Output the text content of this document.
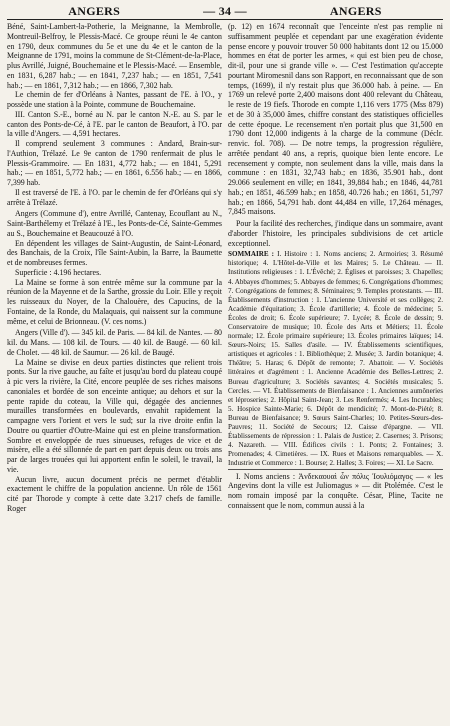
ANGERS	— 34 —	ANGERS

Béné, Saint-Lambert-la-Potherie, la Meignanne, la Membrolle, Montreuil-Belfroy, le Plessis-Macé. Ce groupe réuni le 4e canton en 1790, deux communes du 5e et une du 4e et le canton de la Meignanne de 1791, moins la commune de St-Clément-de-la-Place, plus Avrillé, Juigné, Bouchemaine et le Plessis-Macé. — Ensemble, en 1831, 6,287 hab.; — en 1841, 7,237 hab.; — en 1851, 7,541 hab.; — en 1861, 7,312 hab.; — en 1866, 7,302 hab.

Le chemin de fer d'Orléans à Nantes, passant de l'E. à l'O., y possède une station à la Pointe, commune de Bouchemaine.

III. Canton S.-E., borné au N. par le canton N.-E. au S. par le canton des Ponts-de-Cé, à l'E. par le canton de Beaufort, à l'O. par la ville d'Angers. — 4,591 hectares.

Il comprend seulement 3 communes : Andard, Brain-sur-l'Authion, Trélazé. Le 9e canton de 1790 renfermait de plus le Plessis-Grammoire. — En 1831, 4,772 hab.; — en 1841, 5,291 hab.; — en 1851, 5,772 hab.; — en 1861, 6.556 hab.; — en 1866, 7,399 hab.

Il est traversé de l'E. à l'O. par le chemin de fer d'Orléans qui s'y arrête à Trélazé.

Angers (Commune d'), entre Avrillé, Cantenay, Ecouflant au N., Saint-Barthélemy et Trélazé à l'E., les Ponts-de-Cé, Sainte-Gemmes au S., Bouchemaine et Beaucouzé à l'O.

En dépendent les villages de Saint-Augustin, de Saint-Léonard, des Banchais, de la Croix, l'île Saint-Aubin, la Barre, la Baumette et de nombreuses fermes.

Superficie : 4.196 hectares.

La Maine se forme à son entrée même sur la commune par la réunion de la Mayenne et de la Sarthe, grossie du Loir. Elle y reçoit les ruisseaux du Noyer, de la Chalouère, des Capucins, de la Fontaine, de la Ronde, du Malaquais, qui naissent sur la commune même, et celui de Brionneau. (V. ces noms.)

Angers (Ville d'). — 345 kil. de Paris. — 84 kil. de Nantes. — 80 kil. du Mans. — 108 kil. de Tours. — 40 kil. de Baugé. — 60 kil. de Cholet. — 48 kil. de Saumur. — 26 kil. de Baugé.

La Maine se divise en deux parties distinctes que relient trois ponts. Sur la rive gauche, au faîte et jusqu'au bord du plateau coupé à pic vers la rivière, la Cité, encore peuplée de ses riches maisons canoniales et bordée de son enceinte antique; au dehors et sur la pente rapide du coteau, la Ville qui, dégagée des anciennes murailles transformées en boulevards, envahit rapidement la campagne vers l'orient et vers le sud; sur la rive droite enfin la Doutre ou quartier d'Outre-Maine qui est en pleine transformation. Sombre et enveloppée de rues sinueuses, refuges de vice et de misère, elle a été sillonnée de part en part depuis deux ou trois ans par de larges trouées qui lui apportent enfin le soleil, le travail, la vie.

Aucun livre, aucun document précis ne permet d'établir exactement le chiffre de la population ancienne. Un rôle de 1561 cité par Thorode y compte à cette date 3.217 chefs de famille. Roger

(p. 12) en 1674 reconnaît que l'enceinte n'est pas remplie ni suffisamment peuplée et cependant par une exagération évidente pense encore y pouvoir trouver 50 000 habitants dont 12 ou 15.000 hommes en état de porter les armes, « qui est bien peu de chose, dit-il, pour une si grande ville ». — C'est l'estimation qu'accepte pourtant Miromesnil dans son Rapport, en reconnaissant que de son temps, (1699), il n'y restait plus que 36.000 hab. à peine. — En 1769 un relevé porte 2,400 maisons dont 400 relevant du Château, le reste de 19 fiefs. Thorode en compte 1,116 vers 1775 (Mss 879) et de 30 à 35,000 âmes, chiffre constant des statistiques officielles de cette époque. Le recensement n'en portait plus que 31,500 en 1790 dont 12,000 indigents à la charge de la commune (Déclr. renvic. fol. 708). — De notre temps, la progression régulière, arrêtée pendant 40 ans, a repris, quoique bien lente encore. Le recensement y compte, non seulement dans la ville, mais dans la commune : en 1831, 32,743 hab.; en 1836, 35.901 hab., dont 29.066 seulement en ville; en 1841, 39,884 hab.; en 1846, 44,781 hab.; en 1851, 46.599 hab.; en 1858, 40.726 hab.; en 1861, 51,797 hab.; en 1866, 54,791 hab. dont 44,484 en ville, 17,264 ménages, 7,845 maisons.

Pour la facilité des recherches, j'indique dans un sommaire, avant d'aborder l'histoire, les principales subdivisions de cet article exceptionnel.

SOMMAIRE : I. Histoire : 1. Noms anciens; 2. Armoiries; 3. Résumé historique; 4. L'Hôtel-de-Ville et les Maires; 5. Le Château. — II. Institutions religieuses : 1. L'Évêché; 2. Églises et paroisses; 3. Chapelles; 4. Abbayes d'hommes; 5. Abbayes de femmes; 6. Congrégations d'hommes; 7. Congrégations de femmes; 8. Séminaires; 9. Temples protestants. — III. Établissements d'instruction : 1. L'ancienne Université et ses collèges; 2. Académie d'équitation; 3. École d'artillerie; 4. École de médecine; 5. Écoles de droit; 6. École supérieure; 7. Lycée; 8. École de dessin; 9. Conservatoire de musique; 10. École des Arts et Métiers; 11. École normale; 12. École primaire supérieure; 13. Écoles primaires laïques; 14. Sœurs-Noirs; 15. Salles d'asile. — IV. Établissements scientifiques, artistiques et agricoles : 1. Bibliothèque; 2. Musée; 3. Jardin botanique; 4. Théâtre; 5. Haras; 6. Dépôt de remonte; 7. Abattoir. — V. Sociétés littéraires et d'agrément : 1. Ancienne Académie des Belles-Lettres; 2. Bureau d'agriculture; 3. Sociétés savantes; 4. Sociétés musicales; 5. Cercles. — VI. Établissements de Bienfaisance : 1. Anciennes aumôneries et léproseries; 2. Hôpital Saint-Jean; 3. Les Renfermés; 4. Les Incurables; 5. Hospice Sainte-Marie; 6. Dépôt de mendicité; 7. Mont-de-Piété; 8. Bureau de Bienfaisance; 9. Sœurs Saint-Charles; 10. Petites-Sœurs-des-Pauvres; 11. Société de Secours; 12. Caisse d'épargne. — VII. Établissements de répression : 1. Palais de Justice; 2. Casernes; 3. Prisons; 4. Nazareth. — VIII. Édifices civils : 1. Ponts; 2. Fontaines; 3. Promenades; 4. Cimetières. — IX. Rues et Maisons remarquables. — X. Industrie et Commerce : 1. Bourse; 2. Halles; 3. Foires; — XI. Le Sacre.

I. Noms anciens : Ἀνδεκαουαὶ ὧν πόλις Ἰουλιόμαγος — « les Angevins dont la ville est Juliomagus » — dit Ptolémée. C'est le nom romain imposé par la conquête. César, Pline, Tacite ne connaissent que le nom, commun aussi à la
